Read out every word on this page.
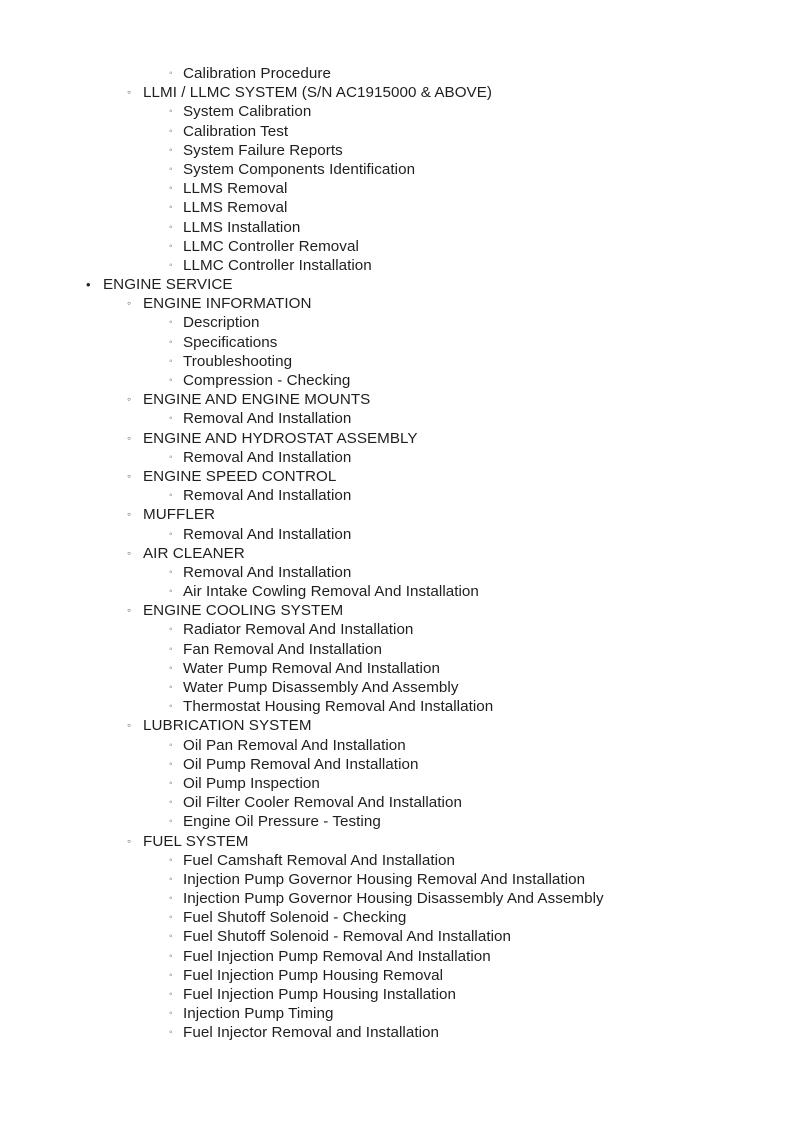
◦ Calibration Procedure
◦ LLMI / LLMC SYSTEM (S/N AC1915000 & ABOVE)
◦ System Calibration
◦ Calibration Test
◦ System Failure Reports
◦ System Components Identification
◦ LLMS Removal
◦ LLMS Removal
◦ LLMS Installation
◦ LLMC Controller Removal
◦ LLMC Controller Installation
• ENGINE SERVICE
◦ ENGINE INFORMATION
◦ Description
◦ Specifications
◦ Troubleshooting
◦ Compression - Checking
◦ ENGINE AND ENGINE MOUNTS
◦ Removal And Installation
◦ ENGINE AND HYDROSTAT ASSEMBLY
◦ Removal And Installation
◦ ENGINE SPEED CONTROL
◦ Removal And Installation
◦ MUFFLER
◦ Removal And Installation
◦ AIR CLEANER
◦ Removal And Installation
◦ Air Intake Cowling Removal And Installation
◦ ENGINE COOLING SYSTEM
◦ Radiator Removal And Installation
◦ Fan Removal And Installation
◦ Water Pump Removal And Installation
◦ Water Pump Disassembly And Assembly
◦ Thermostat Housing Removal And Installation
◦ LUBRICATION SYSTEM
◦ Oil Pan Removal And Installation
◦ Oil Pump Removal And Installation
◦ Oil Pump Inspection
◦ Oil Filter Cooler Removal And Installation
◦ Engine Oil Pressure - Testing
◦ FUEL SYSTEM
◦ Fuel Camshaft Removal And Installation
◦ Injection Pump Governor Housing Removal And Installation
◦ Injection Pump Governor Housing Disassembly And Assembly
◦ Fuel Shutoff Solenoid - Checking
◦ Fuel Shutoff Solenoid - Removal And Installation
◦ Fuel Injection Pump Removal And Installation
◦ Fuel Injection Pump Housing Removal
◦ Fuel Injection Pump Housing Installation
◦ Injection Pump Timing
◦ Fuel Injector Removal and Installation
